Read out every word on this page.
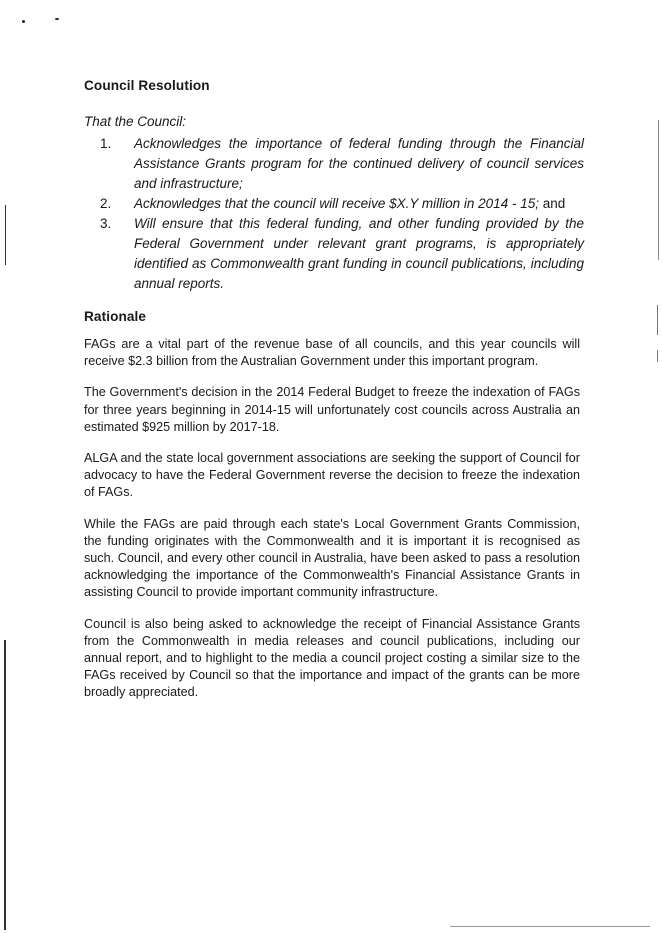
Council Resolution
That the Council:
1.	Acknowledges the importance of federal funding through the Financial Assistance Grants program for the continued delivery of council services and infrastructure;
2.	Acknowledges that the council will receive $X.Y million in 2014 - 15; and
3.	Will ensure that this federal funding, and other funding provided by the Federal Government under relevant grant programs, is appropriately identified as Commonwealth grant funding in council publications, including annual reports.
Rationale

FAGs are a vital part of the revenue base of all councils, and this year councils will receive $2.3 billion from the Australian Government under this important program.

The Government's decision in the 2014 Federal Budget to freeze the indexation of FAGs for three years beginning in 2014-15 will unfortunately cost councils across Australia an estimated $925 million by 2017-18.

ALGA and the state local government associations are seeking the support of Council for advocacy to have the Federal Government reverse the decision to freeze the indexation of FAGs.

While the FAGs are paid through each state's Local Government Grants Commission, the funding originates with the Commonwealth and it is important it is recognised as such. Council, and every other council in Australia, have been asked to pass a resolution acknowledging the importance of the Commonwealth's Financial Assistance Grants in assisting Council to provide important community infrastructure.

Council is also being asked to acknowledge the receipt of Financial Assistance Grants from the Commonwealth in media releases and council publications, including our annual report, and to highlight to the media a council project costing a similar size to the FAGs received by Council so that the importance and impact of the grants can be more broadly appreciated.
